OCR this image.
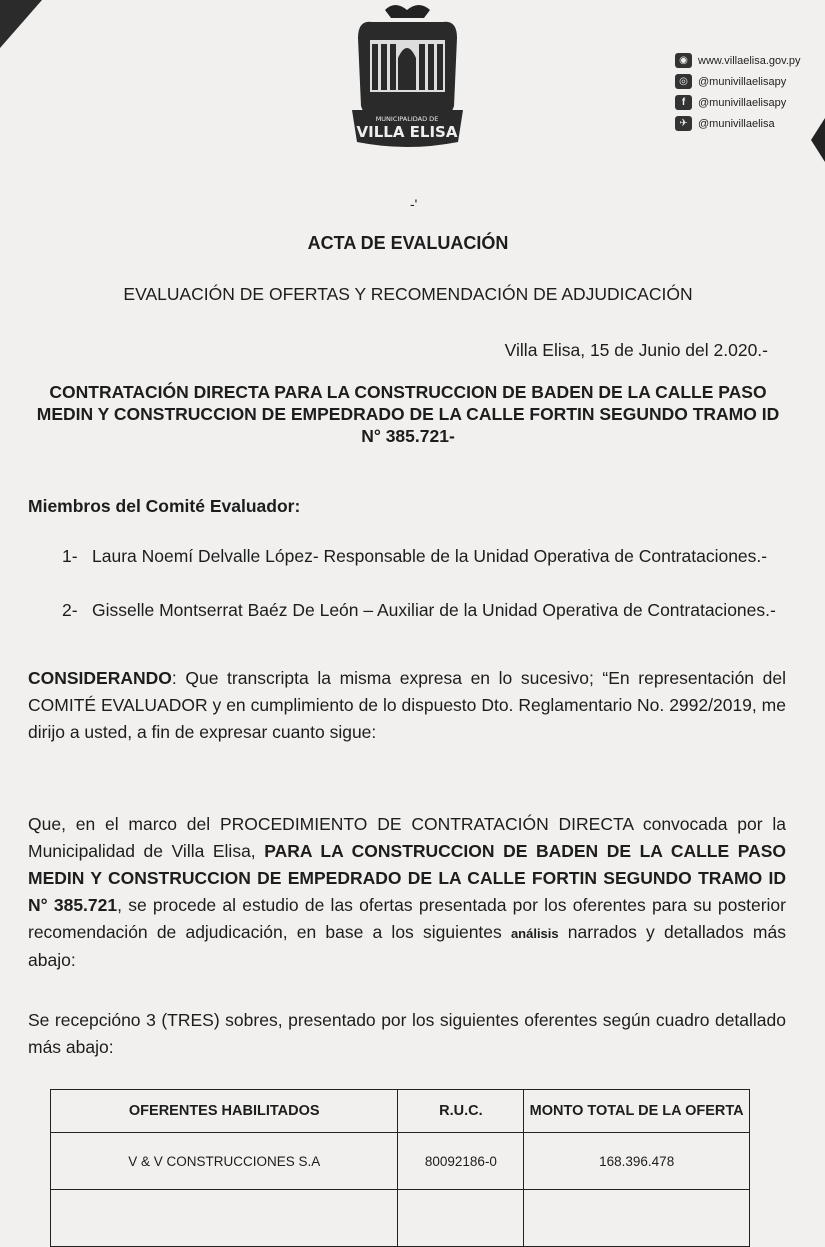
MUNICIPALIDAD DE
VILLA ELISA
◉ www.villaelisa.gov.py
◎ @munivillaelisapy
f	@munivillaelisapy
✈ @munivillaelisa
-'
ACTA DE EVALUACIÓN
EVALUACIÓN DE OFERTAS Y RECOMENDACIÓN DE ADJUDICACIÓN
Villa Elisa, 15 de Junio del 2.020.-
CONTRATACIÓN DIRECTA PARA LA CONSTRUCCION DE BADEN DE LA CALLE PASO
MEDIN Y CONSTRUCCION DE EMPEDRADO DE LA CALLE FORTIN SEGUNDO TRAMO ID
N° 385.721-
Miembros del Comité Evaluador:
1- Laura Noemí Delvalle López- Responsable de la Unidad Operativa de Contrataciones.-
2- Gisselle Montserrat Baéz De León – Auxiliar de la Unidad Operativa de Contrataciones.-
CONSIDERANDO: Que transcripta la misma expresa en lo sucesivo; “En representación del COMITÉ EVALUADOR y en cumplimiento de lo dispuesto Dto. Reglamentario No. 2992/2019, me dirijo a usted, a fin de expresar cuanto sigue:
Que, en el marco del PROCEDIMIENTO DE CONTRATACIÓN DIRECTA convocada por la Municipalidad de Villa Elisa, PARA LA CONSTRUCCION DE BADEN DE LA CALLE PASO MEDIN Y CONSTRUCCION DE EMPEDRADO DE LA CALLE FORTIN SEGUNDO TRAMO ID N° 385.721, se procede al estudio de las ofertas presentada por los oferentes para su posterior recomendación de adjudicación, en base a los siguientes análisis narrados y detallados más abajo:
Se recepcióno 3 (TRES) sobres, presentado por los siguientes oferentes según cuadro detallado más abajo:
OFERENTES HABILITADOS	R.U.C.	MONTO TOTAL DE LA OFERTA
V & V CONSTRUCCIONES S.A	80092186-0	168.396.478
